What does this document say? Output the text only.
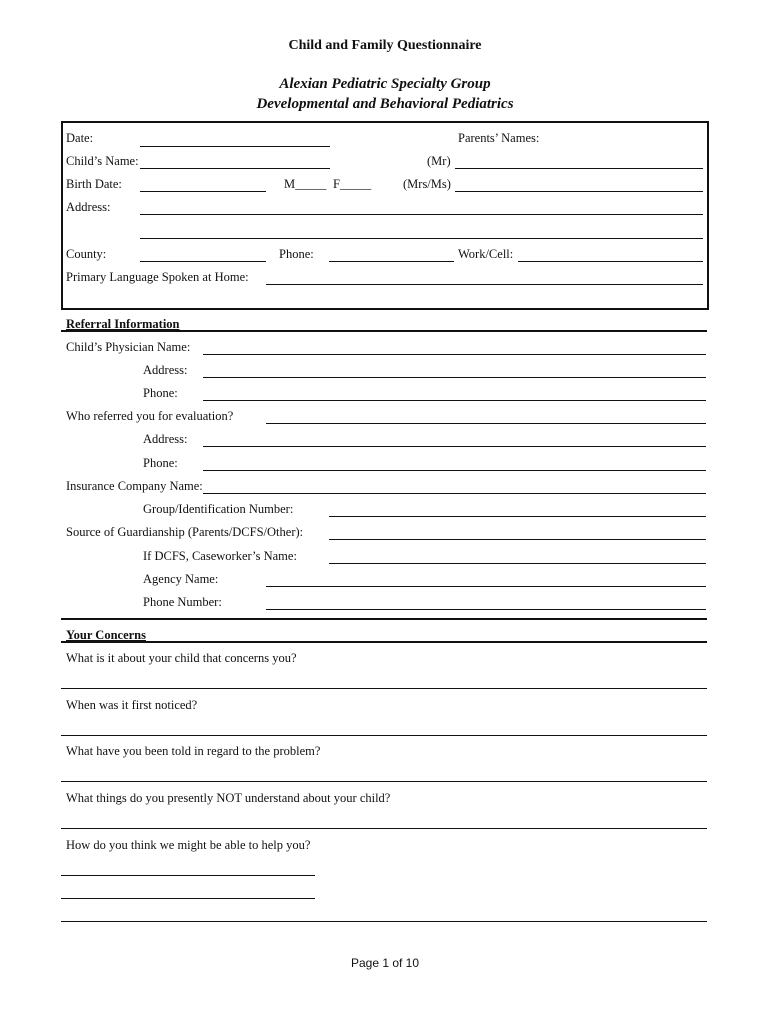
Child and Family Questionnaire
Alexian Pediatric Specialty Group
Developmental and Behavioral Pediatrics
Date:	Parents’ Names:
Child’s Name:	(Mr)
Birth Date:	M_____ F_____	(Mrs/Ms)
Address:
County:	Phone:	Work/Cell:
Primary Language Spoken at Home:
Referral Information
Child’s Physician Name:
Address:
Phone:
Who referred you for evaluation?
Address:
Phone:
Insurance Company Name:
Group/Identification Number:
Source of Guardianship (Parents/DCFS/Other):
If DCFS, Caseworker’s Name:
Agency Name:
Phone Number:
Your Concerns
What is it about your child that concerns you?
When was it first noticed?
What have you been told in regard to the problem?
What things do you presently NOT understand about your child?
How do you think we might be able to help you?
Page 1 of 10
